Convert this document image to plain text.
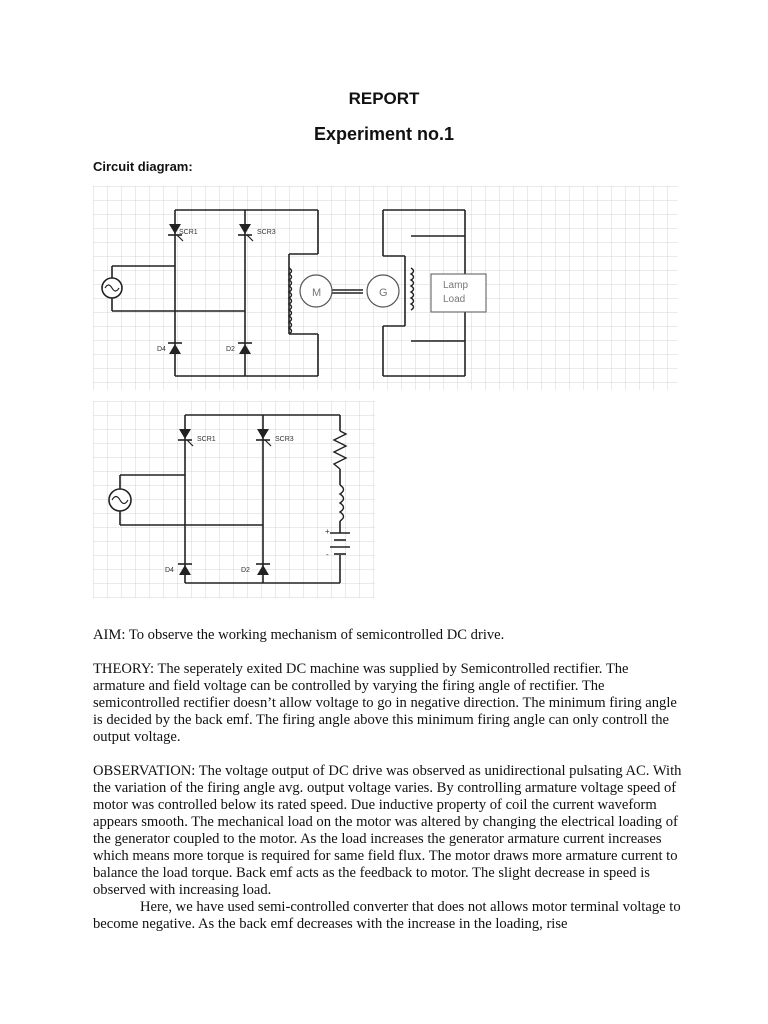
REPORT
Experiment no.1
Circuit diagram:
SCR1	SCR3
D4	D2
M	G
Lamp
Load
+
-
SCR1	SCR3
D4	D2

AIM: To observe the working mechanism of semicontrolled DC drive.

THEORY: The seperately exited DC machine was supplied by Semicontrolled rectifier. The armature and field voltage can be controlled by varying the firing angle of rectifier. The semicontrolled rectifier doesn’t allow voltage to go in negative direction. The minimum firing angle is decided by the back emf. The firing angle above this minimum firing angle can only controll the output voltage.

OBSERVATION: The voltage output of DC drive was observed as unidirectional pulsating AC. With the variation of the firing angle avg. output voltage varies. By controlling armature voltage speed of motor was controlled below its rated speed. Due inductive property of coil the current waveform appears smooth. The mechanical load on the motor was altered by changing the electrical loading of the generator coupled to the motor. As the load increases the generator armature current increases which means more torque is required for same field flux. The motor draws more armature current to balance the load torque. Back emf acts as the feedback to motor. The slight decrease in speed is observed with increasing load.

Here, we have used semi-controlled converter that does not allows motor terminal voltage to become negative. As the back emf decreases with the increase in the loading, rise
